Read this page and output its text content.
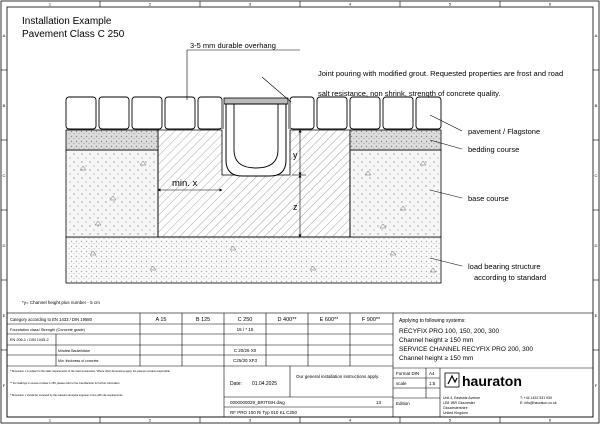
1	2	3	4	5	6
1	2	3	4	5	6
A
B
C
D
E
F
A
B
C
D
E
F
Installation Example
Pavement Class C 250
min. x
y
z
3-5 mm durable overhang
Joint pouring with modified grout. Requested properties are frost and road
salt resistance, non shrink, strength of concrete quality.
pavement / Flagstone
bedding course
base course
load bearing structure
according to standard
*y= Channel height plus number - 5 cm
Category according to EN 1433 / DIN 19580	A 15	B 125	C 250	D 400**	E 600**	F 900**
Foundation class/ Strength (Concrete grade)	15 / * 15
EN 206-1 / DIN 1045-2
Mindest Bauteildicke	C 20/25 X0
Min. thickness of concrete	C25/30 XF3
* Dimension x is subject to the static requirements of the road construction. Where other dimensions apply, the planner remains responsible.
** For loadings in excess of class C 250, please refer to the manufacturer for further information.
* Dimension x should be reviewed by the relevant structural engineer in line with site requirements.
Applying to following systems:
RECYFIX PRO 100, 150, 200, 300
Channel height ≥ 150 mm
SERVICE CHANNEL RECYFIX PRO 200, 300
Channel height ≥ 150 mm
Date: 01.04.2025
Our general installation instructions apply.
0000000029_BRITISH.dwg	13
RF PRO 100 Ri Typ 010 KL C250
Format DIN A4
scale	1:5
Edition
hauraton
Unit 4, Eastside Avenue
LE8 1BR Gloucester
Gloucestershire
United Kingdom
T: +44 1452 531 930
E: info@hauraton.co.uk
